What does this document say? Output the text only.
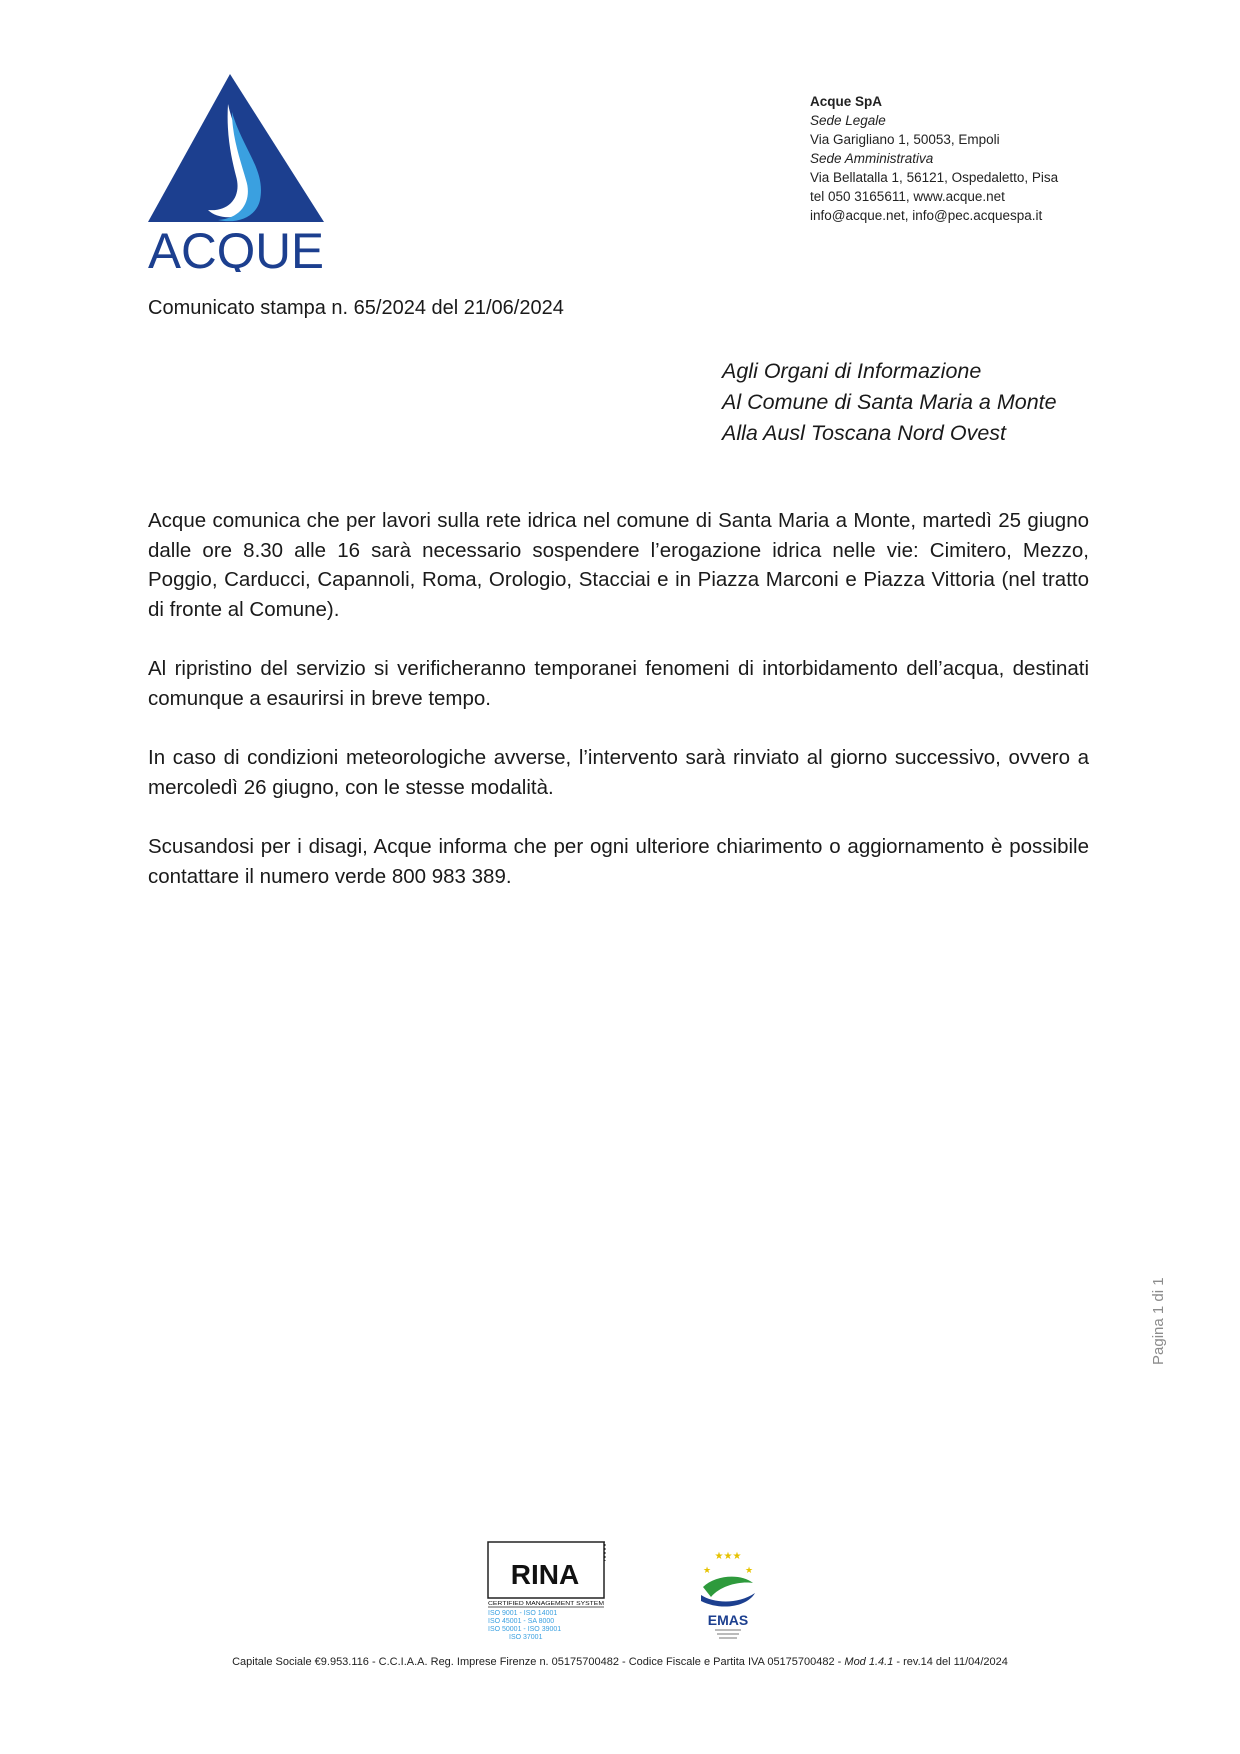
ACQUE
Acque SpA
Sede Legale
Via Garigliano 1, 50053, Empoli
Sede Amministrativa
Via Bellatalla 1, 56121, Ospedaletto, Pisa
tel 050 3165611, www.acque.net
info@acque.net, info@pec.acquespa.it
Comunicato stampa n. 65/2024 del 21/06/2024
Agli Organi di Informazione
Al Comune di Santa Maria a Monte
Alla Ausl Toscana Nord Ovest

Acque comunica che per lavori sulla rete idrica nel comune di Santa Maria a Monte, martedì 25 giugno dalle ore 8.30 alle 16 sarà necessario sospendere l’erogazione idrica nelle vie: Cimitero, Mezzo, Poggio, Carducci, Capannoli, Roma, Orologio, Stacciai e in Piazza Marconi e Piazza Vittoria (nel tratto di fronte al Comune).

Al ripristino del servizio si verificheranno temporanei fenomeni di intorbidamento dell’acqua, destinati comunque a esaurirsi in breve tempo.

In caso di condizioni meteorologiche avverse, l’intervento sarà rinviato al giorno successivo, ovvero a mercoledì 26 giugno, con le stesse modalità.

Scusandosi per i disagi, Acque informa che per ogni ulteriore chiarimento o aggiornamento è possibile contattare il numero verde 800 983 389.

Pagina 1 di 1
RINA
CERTIFIED MANAGEMENT SYSTEM
ISO 9001 - ISO 14001
ISO 45001 - SA 8000
ISO 50001 - ISO 39001
ISO 37001
★★★
★	★
EMAS
Capitale Sociale €9.953.116 - C.C.I.A.A. Reg. Imprese Firenze n. 05175700482 - Codice Fiscale e Partita IVA 05175700482 - Mod 1.4.1 - rev.14 del 11/04/2024
